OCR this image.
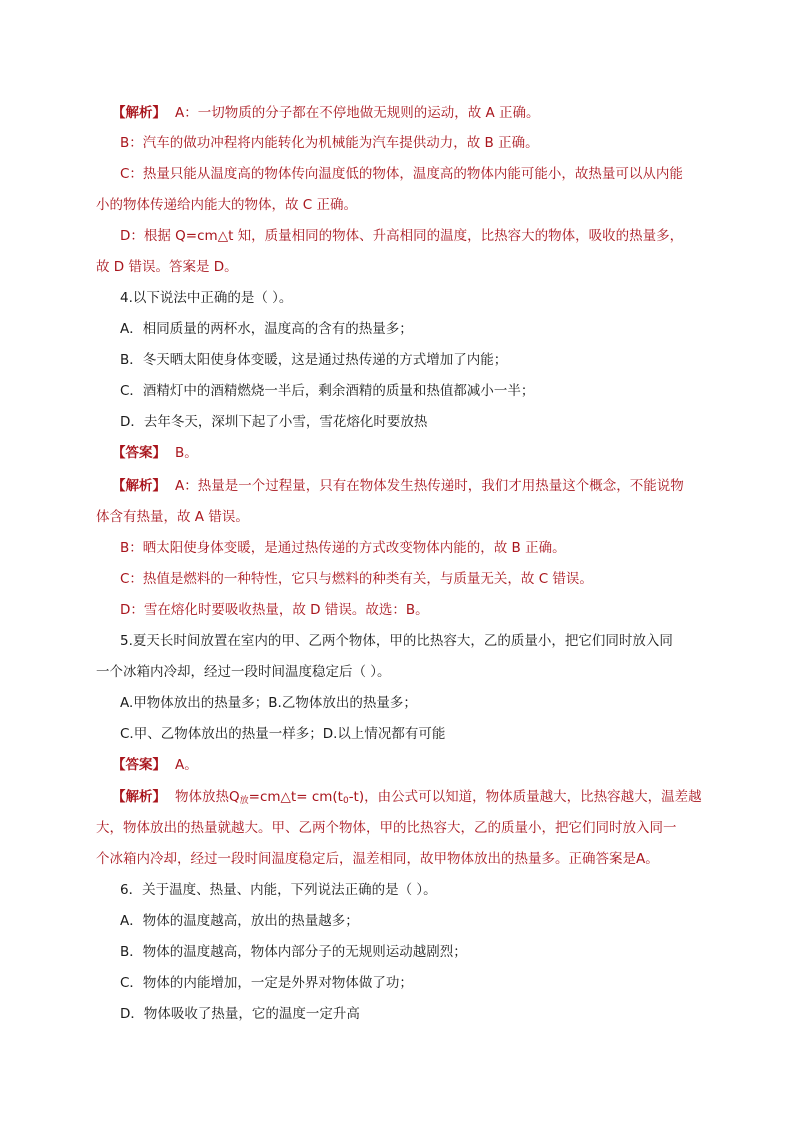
【解析】 A：一切物质的分子都在不停地做无规则的运动，故 A 正确。
B：汽车的做功冲程将内能转化为机械能为汽车提供动力，故 B 正确。
C：热量只能从温度高的物体传向温度低的物体，温度高的物体内能可能小，故热量可以从内能
小的物体传递给内能大的物体，故 C 正确。
D：根据 Q=cm△t 知，质量相同的物体、升高相同的温度，比热容大的物体，吸收的热量多，
故 D 错误。答案是 D。
4.以下说法中正确的是（ ）。
A．相同质量的两杯水，温度高的含有的热量多；
B．冬天晒太阳使身体变暖，这是通过热传递的方式增加了内能；
C．酒精灯中的酒精燃烧一半后，剩余酒精的质量和热值都减小一半；
D．去年冬天，深圳下起了小雪，雪花熔化时要放热
【答案】 B。
【解析】 A：热量是一个过程量，只有在物体发生热传递时，我们才用热量这个概念，不能说物
体含有热量，故 A 错误。
B：晒太阳使身体变暖，是通过热传递的方式改变物体内能的，故 B 正确。
C：热值是燃料的一种特性，它只与燃料的种类有关，与质量无关，故 C 错误。
D：雪在熔化时要吸收热量，故 D 错误。故选：B。
5.夏天长时间放置在室内的甲、乙两个物体，甲的比热容大，乙的质量小，把它们同时放入同
一个冰箱内冷却，经过一段时间温度稳定后（ ）。
A.甲物体放出的热量多；B.乙物体放出的热量多；
C.甲、乙物体放出的热量一样多；D.以上情况都有可能
【答案】 A。
【解析】 物体放热$Q_放=cm\triangle t= cm(t0-t)$，由公式可以知道，物体质量越大，比热容越大，温差越
大，物体放出的热量就越大。甲、乙两个物体，甲的比热容大，乙的质量小，把它们同时放入同一
个冰箱内冷却，经过一段时间温度稳定后，温差相同，故甲物体放出的热量多。正确答案是A。
6．关于温度、热量、内能，下列说法正确的是（ ）。
A．物体的温度越高，放出的热量越多；
B．物体的温度越高，物体内部分子的无规则运动越剧烈；
C．物体的内能增加，一定是外界对物体做了功；
D．物体吸收了热量，它的温度一定升高
